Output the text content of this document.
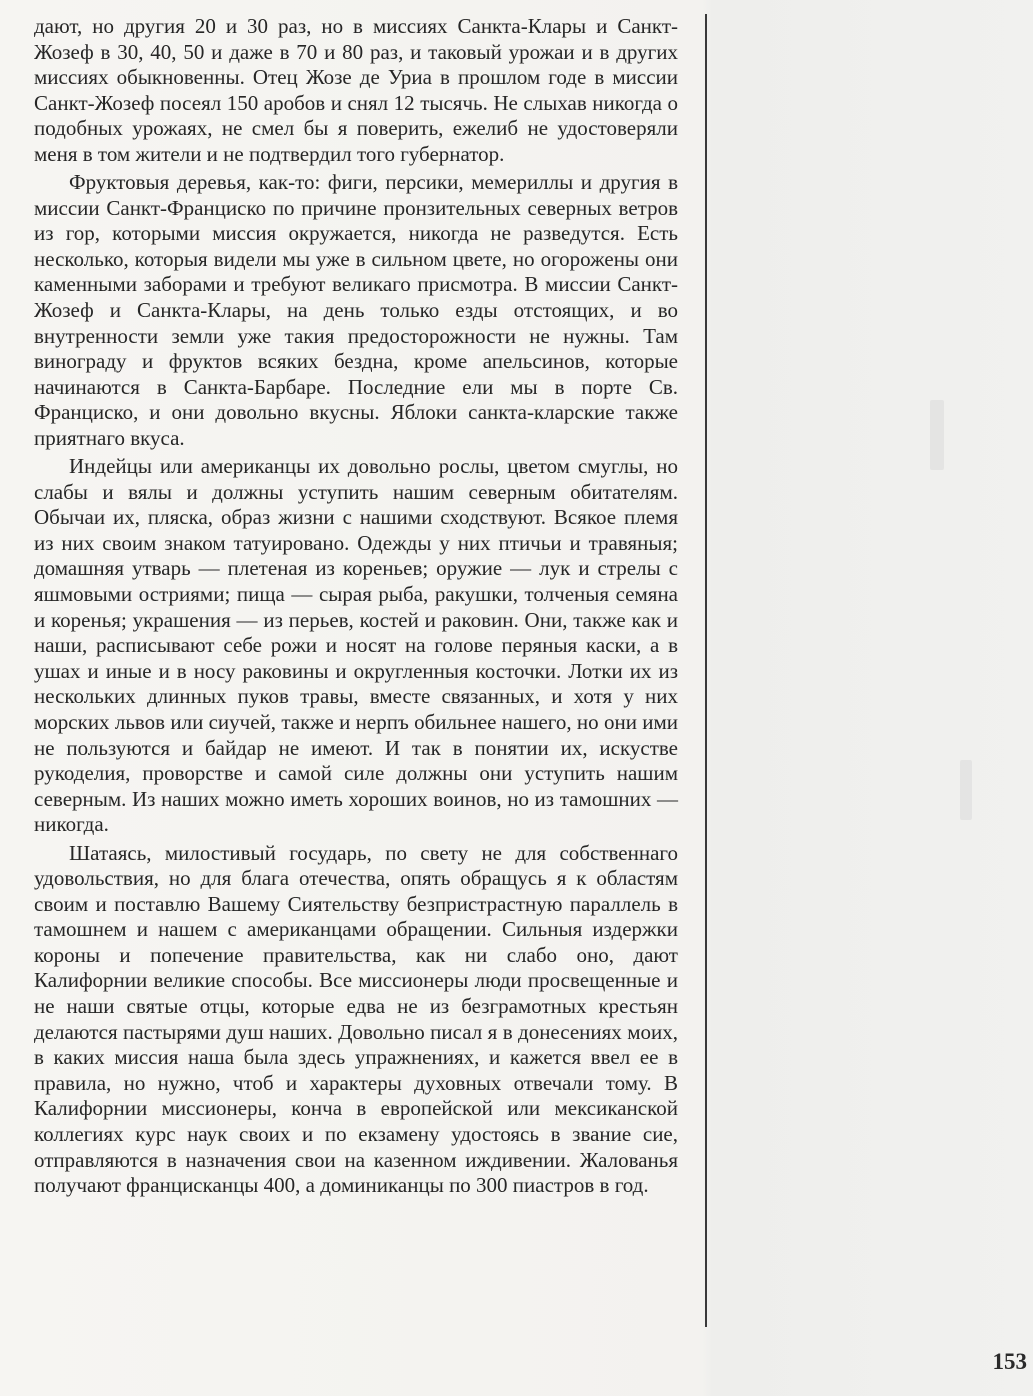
дают, но другия 20 и 30 раз, но в миссиях Санкта-Клары и Санкт-Жозеф в 30, 40, 50 и даже в 70 и 80 раз, и таковый урожаи и в других миссиях обыкновенны. Отец Жозе де Уриа в прошлом годе в миссии Санкт-Жозеф посеял 150 аробов и снял 12 тысячь. Не слыхав никогда о подобных урожаях, не смел бы я поверить, ежелиб не удостоверяли меня в том жители и не подтвердил того губернатор.

Фруктовыя деревья, как-то: фиги, персики, мемериллы и другия в миссии Санкт-Франциско по причине пронзительных северных ветров из гор, которыми миссия окружается, никогда не разведутся. Есть несколько, которыя видели мы уже в сильном цвете, но огорожены они каменными заборами и требуют великаго присмотра. В миссии Санкт-Жозеф и Санкта-Клары, на день только езды отстоящих, и во внутренности земли уже такия предосторожности не нужны. Там винограду и фруктов всяких бездна, кроме апельсинов, которые начинаются в Санкта-Барбаре. Последние ели мы в порте Св. Франциско, и они довольно вкусны. Яблоки санкта-кларские также приятнаго вкуса.

Индейцы или американцы их довольно рослы, цветом смуглы, но слабы и вялы и должны уступить нашим северным обитателям. Обычаи их, пляска, образ жизни с нашими сходствуют. Всякое племя из них своим знаком татуировано. Одежды у них птичьи и травяныя; домашняя утварь — плетеная из кореньев; оружие — лук и стрелы с яшмовыми остриями; пища — сырая рыба, ракушки, толченыя семяна и коренья; украшения — из перьев, костей и раковин. Они, также как и наши, расписывают себе рожи и носят на голове пeряныя каски, а в ушах и иные и в носу раковины и округленныя косточки. Лотки их из нескольких длинных пуков травы, вместе связанных, и хотя у них морских львов или сиучей, также и нерпъ обильнее нашего, но они ими не пользуются и байдар не имеют. И так в понятии их, искустве рукоделия, проворстве и самой силе должны они уступить нашим северным. Из наших можно иметь хороших воинов, но из тамошних — никогда.

Шатаясь, милостивый государь, по свету не для собственнаго удовольствия, но для блага отечества, опять обращусь я к областям своим и поставлю Вашему Сиятельству безпристрастную параллель в тамошнем и нашем с американцами обращении. Сильныя издержки короны и попечение правительства, как ни слабо оно, дают Калифорнии великие способы. Все миссионеры люди просвещенные и не наши святые отцы, которые едва не из безграмотных крестьян делаются пастырями душ наших. Довольно писал я в донесениях моих, в каких миссия наша была здесь упражнениях, и кажется ввел ее в правила, но нужно, чтоб и характеры духовных отвечали тому. В Калифорнии миссионеры, конча в европейской или мексиканской коллегиях курс наук своих и по екзамену удостоясь в звание сие, отправляются в назначения свои на казенном иждивении. Жалованья получают францисканцы 400, а доминиканцы по 300 пиастров в год.

153
